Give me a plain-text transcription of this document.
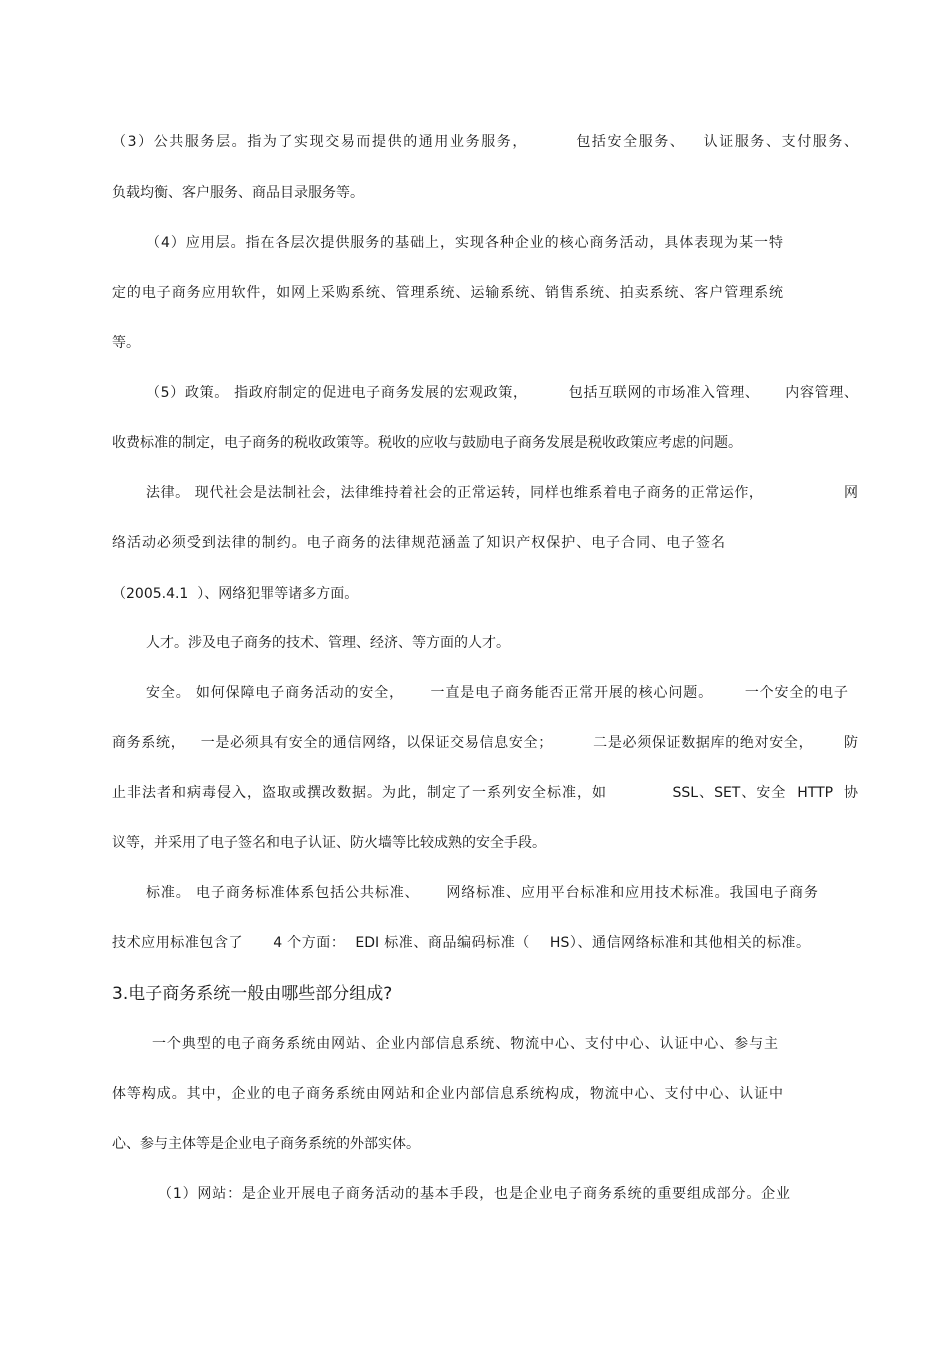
（3）公共服务层。指为了实现交易而提供的通用业务服务，        包括安全服务、   认证服务、支付服务、

负载均衡、客户服务、商品目录服务等。

（4）应用层。指在各层次提供服务的基础上，实现各种企业的核心商务活动，具体表现为某一特

定的电子商务应用软件，如网上采购系统、管理系统、运输系统、销售系统、拍卖系统、客户管理系统

等。

（5）政策。 指政府制定的促进电子商务发展的宏观政策，        包括互联网的市场准入管理、     内容管理、

收费标准的制定，电子商务的税收政策等。税收的应收与鼓励电子商务发展是税收政策应考虑的问题。

法律。 现代社会是法制社会，法律维持着社会的正常运转，同样也维系着电子商务的正常运作，                网

络活动必须受到法律的制约。电子商务的法律规范涵盖了知识产权保护、电子合同、电子签名

（2005.4.1  ）、网络犯罪等诸多方面。

人才。涉及电子商务的技术、管理、经济、等方面的人才。

安全。 如何保障电子商务活动的安全，     一直是电子商务能否正常开展的核心问题。      一个安全的电子

商务系统，   一是必须具有安全的通信网络，以保证交易信息安全；        二是必须保证数据库的绝对安全，      防

止非法者和病毒侵入，盗取或撰改数据。为此，制定了一系列安全标准，如            SSL、SET、安全  HTTP  协

议等，并采用了电子签名和电子认证、防火墙等比较成熟的安全手段。

标准。 电子商务标准体系包括公共标准、     网络标准、应用平台标准和应用技术标准。我国电子商务

技术应用标准包含了      4 个方面：  EDI 标准、商品编码标准（    HS）、通信网络标准和其他相关的标准。

3.电子商务系统一般由哪些部分组成?

一个典型的电子商务系统由网站、企业内部信息系统、物流中心、支付中心、认证中心、参与主

体等构成。其中，企业的电子商务系统由网站和企业内部信息系统构成，物流中心、支付中心、认证中

心、参与主体等是企业电子商务系统的外部实体。

（1）网站：是企业开展电子商务活动的基本手段，也是企业电子商务系统的重要组成部分。企业
